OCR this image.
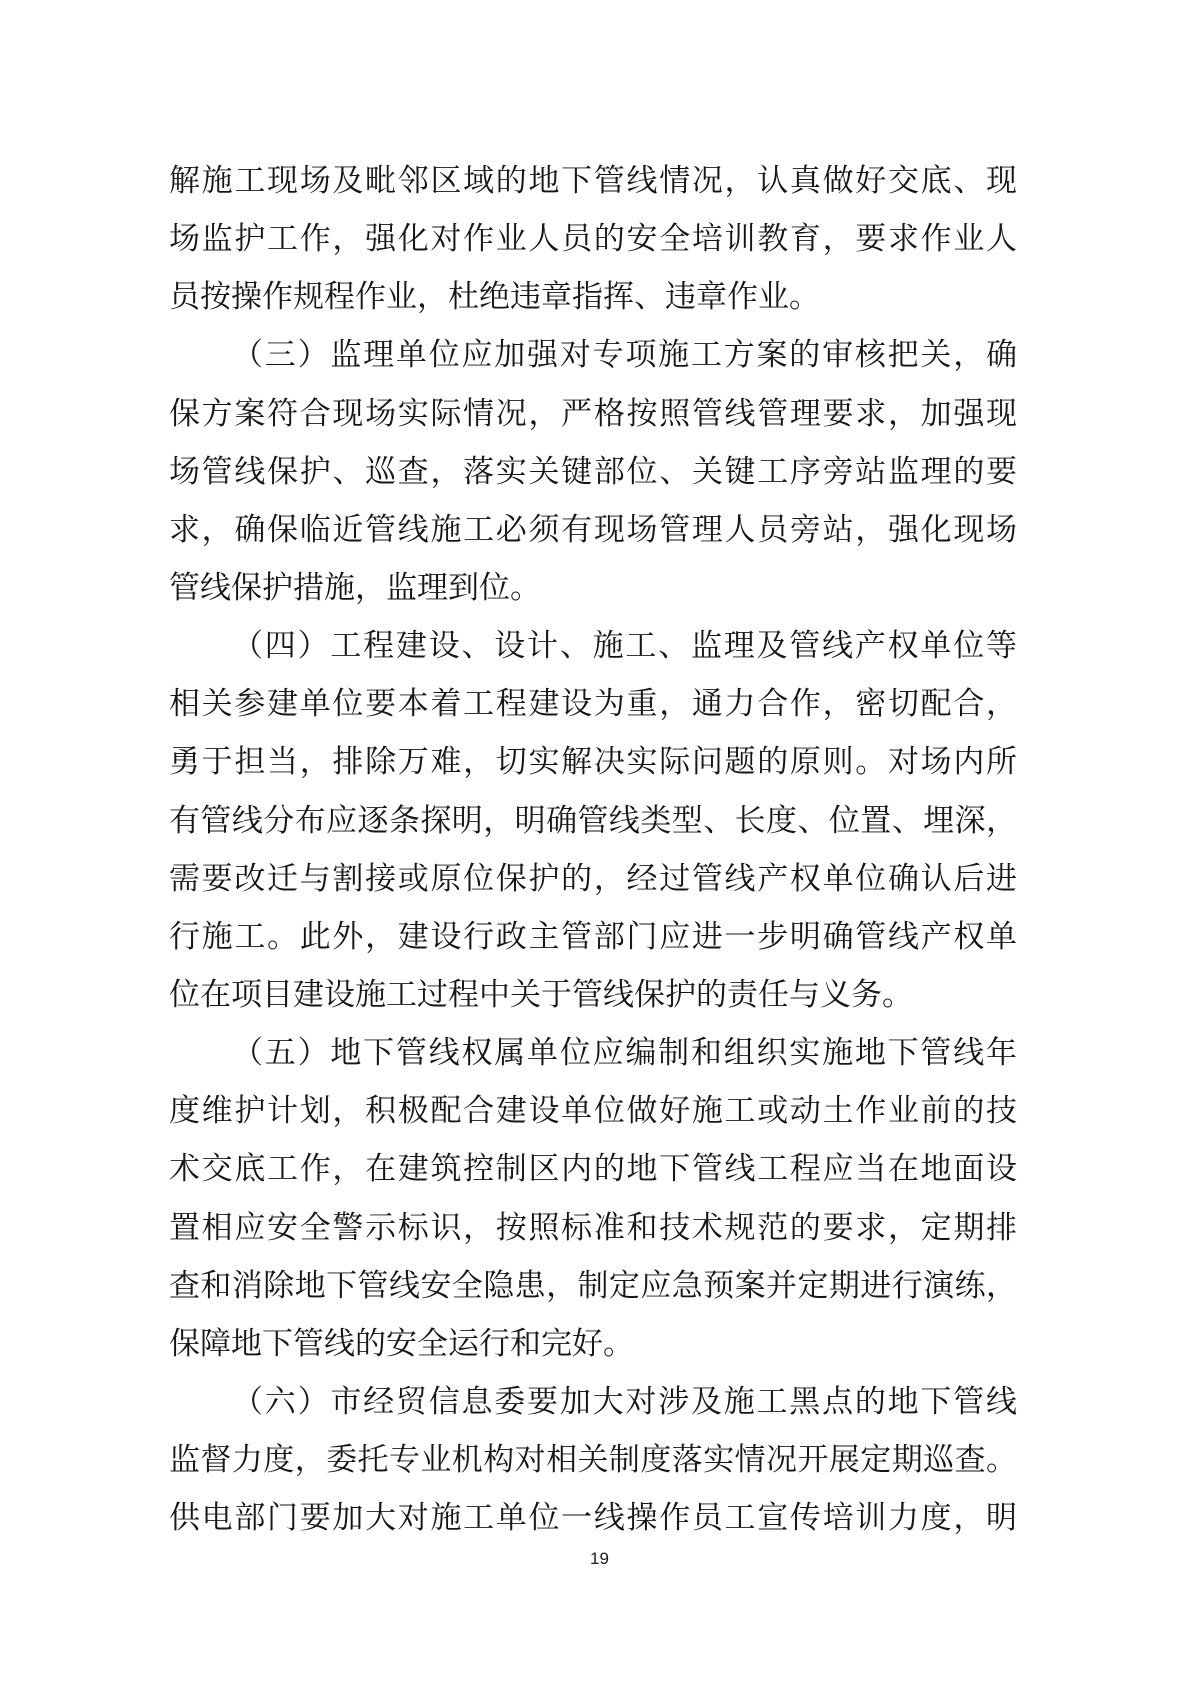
解施工现场及毗邻区域的地下管线情况，认真做好交底、现
场监护工作，强化对作业人员的安全培训教育，要求作业人
员按操作规程作业，杜绝违章指挥、违章作业。
（三）监理单位应加强对专项施工方案的审核把关，确
保方案符合现场实际情况，严格按照管线管理要求，加强现
场管线保护、巡查，落实关键部位、关键工序旁站监理的要
求，确保临近管线施工必须有现场管理人员旁站，强化现场
管线保护措施，监理到位。
（四）工程建设、设计、施工、监理及管线产权单位等
相关参建单位要本着工程建设为重，通力合作，密切配合，
勇于担当，排除万难，切实解决实际问题的原则。对场内所
有管线分布应逐条探明，明确管线类型、长度、位置、埋深，
需要改迁与割接或原位保护的，经过管线产权单位确认后进
行施工。此外，建设行政主管部门应进一步明确管线产权单
位在项目建设施工过程中关于管线保护的责任与义务。
（五）地下管线权属单位应编制和组织实施地下管线年
度维护计划，积极配合建设单位做好施工或动土作业前的技
术交底工作，在建筑控制区内的地下管线工程应当在地面设
置相应安全警示标识，按照标准和技术规范的要求，定期排
查和消除地下管线安全隐患，制定应急预案并定期进行演练，
保障地下管线的安全运行和完好。
（六）市经贸信息委要加大对涉及施工黑点的地下管线
监督力度，委托专业机构对相关制度落实情况开展定期巡查。
供电部门要加大对施工单位一线操作员工宣传培训力度，明
19
